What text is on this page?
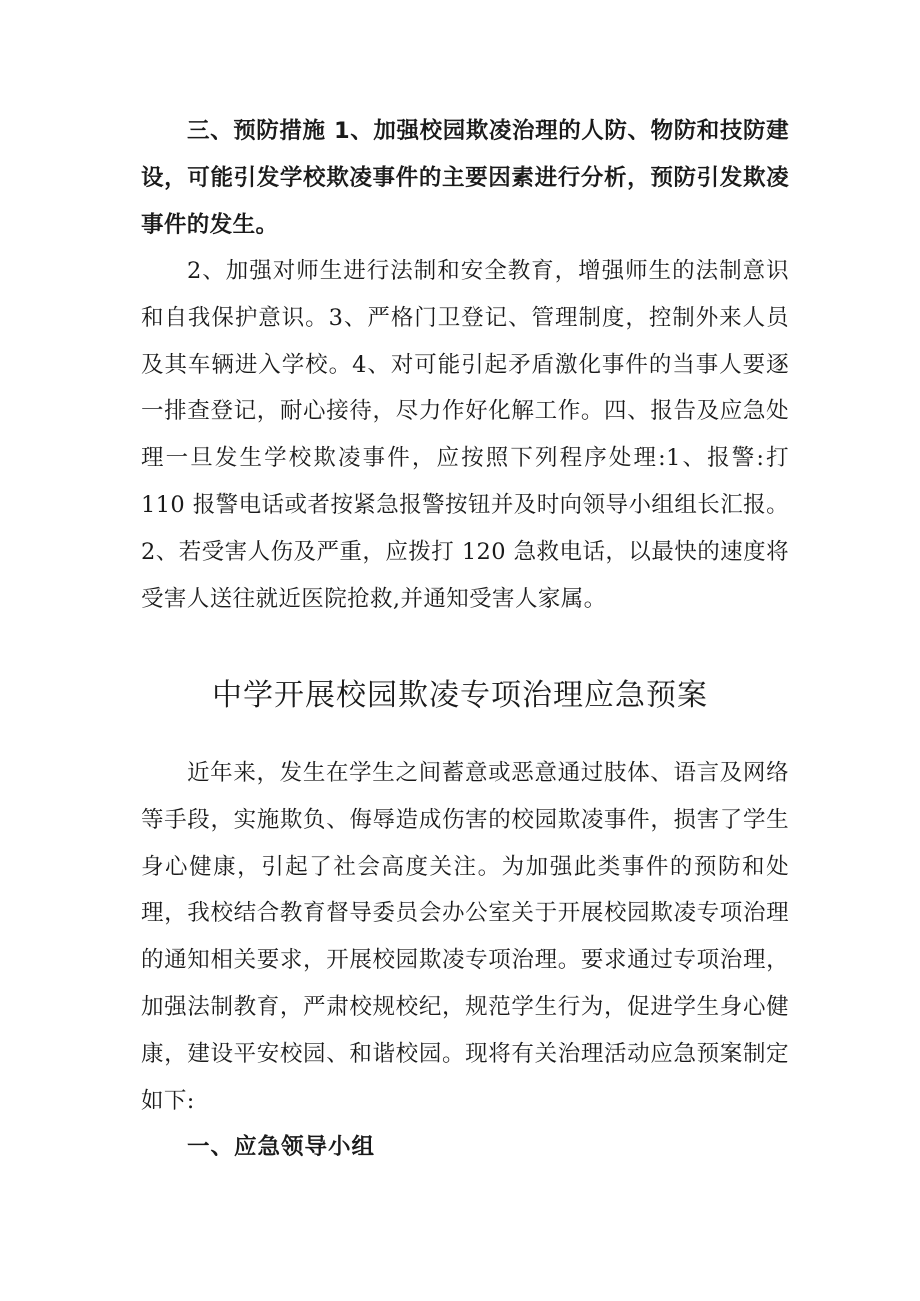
三、预防措施 1、加强校园欺凌治理的人防、物防和技防建设，可能引发学校欺凌事件的主要因素进行分析，预防引发欺凌事件的发生。

2、加强对师生进行法制和安全教育，增强师生的法制意识和自我保护意识。3、严格门卫登记、管理制度，控制外来人员及其车辆进入学校。4、对可能引起矛盾激化事件的当事人要逐一排查登记，耐心接待，尽力作好化解工作。四、报告及应急处理一旦发生学校欺凌事件，应按照下列程序处理:1、报警:打 110 报警电话或者按紧急报警按钮并及时向领导小组组长汇报。2、若受害人伤及严重，应拨打 120 急救电话，以最快的速度将受害人送往就近医院抢救,并通知受害人家属。

中学开展校园欺凌专项治理应急预案

近年来，发生在学生之间蓄意或恶意通过肢体、语言及网络等手段，实施欺负、侮辱造成伤害的校园欺凌事件，损害了学生身心健康，引起了社会高度关注。为加强此类事件的预防和处理，我校结合教育督导委员会办公室关于开展校园欺凌专项治理的通知相关要求，开展校园欺凌专项治理。要求通过专项治理，加强法制教育，严肃校规校纪，规范学生行为，促进学生身心健康，建设平安校园、和谐校园。现将有关治理活动应急预案制定如下:

一、应急领导小组
